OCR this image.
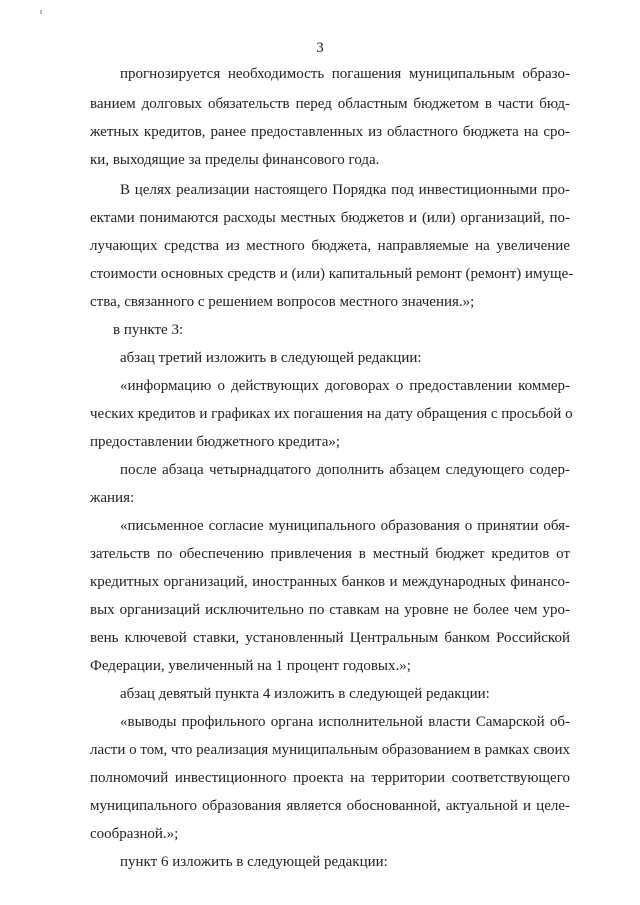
3
прогнозируется необходимость погашения муниципальным образо-
ванием долговых обязательств перед областным бюджетом в части бюд-
жетных кредитов, ранее предоставленных из областного бюджета на сро-
ки, выходящие за пределы финансового года.
В целях реализации настоящего Порядка под инвестиционными про-
ектами понимаются расходы местных бюджетов и (или) организаций, по-
лучающих средства из местного бюджета, направляемые на увеличение
стоимости основных средств и (или) капитальный ремонт (ремонт) имуще-
ства, связанного с решением вопросов местного значения.»;
в пункте 3:
абзац третий изложить в следующей редакции:
«информацию о действующих договорах о предоставлении коммер-
ческих кредитов и графиках их погашения на дату обращения с просьбой о
предоставлении бюджетного кредита»;
после абзаца четырнадцатого дополнить абзацем следующего содер-
жания:
«письменное согласие муниципального образования о принятии обя-
зательств по обеспечению привлечения в местный бюджет кредитов от
кредитных организаций, иностранных банков и международных финансо-
вых организаций исключительно по ставкам на уровне не более чем уро-
вень ключевой ставки, установленный Центральным банком Российской
Федерации, увеличенный на 1 процент годовых.»;
абзац девятый пункта 4 изложить в следующей редакции:
«выводы профильного органа исполнительной власти Самарской об-
ласти о том, что реализация муниципальным образованием в рамках своих
полномочий инвестиционного проекта на территории соответствующего
муниципального образования является обоснованной, актуальной и целе-
сообразной.»;
пункт 6 изложить в следующей редакции:
